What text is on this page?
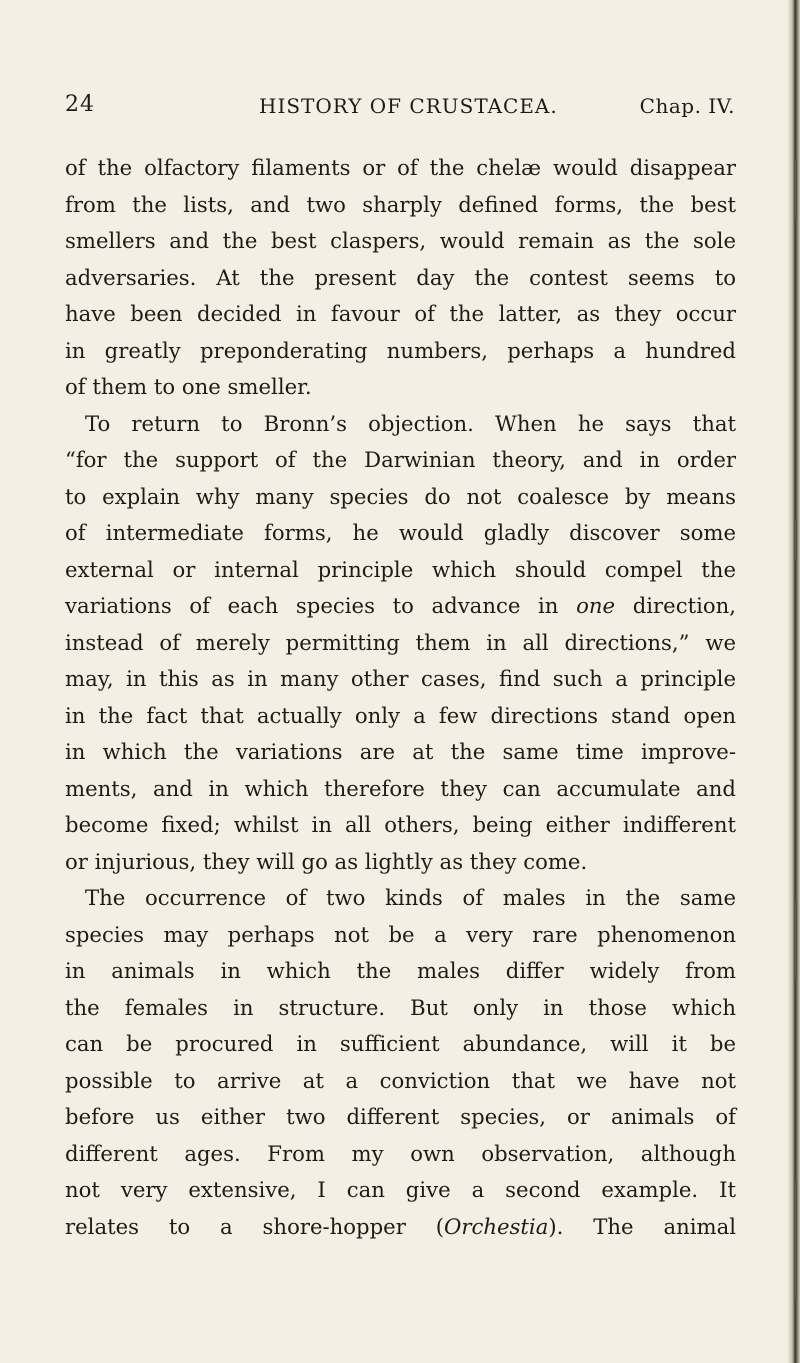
24	HISTORY OF CRUSTACEA.	Chap. IV.
of the olfactory filaments or of the chelæ would disappear
from the lists, and two sharply defined forms, the best
smellers and the best claspers, would remain as the sole
adversaries. At the present day the contest seems to
have been decided in favour of the latter, as they occur
in greatly preponderating numbers, perhaps a hundred
of them to one smeller.
To return to Bronn’s objection. When he says that
“for the support of the Darwinian theory, and in order
to explain why many species do not coalesce by means
of intermediate forms, he would gladly discover some
external or internal principle which should compel the
variations of each species to advance in one direction,
instead of merely permitting them in all directions,” we
may, in this as in many other cases, find such a principle
in the fact that actually only a few directions stand open
in which the variations are at the same time improve-
ments, and in which therefore they can accumulate and
become fixed; whilst in all others, being either indifferent
or injurious, they will go as lightly as they come.
The occurrence of two kinds of males in the same
species may perhaps not be a very rare phenomenon
in animals in which the males differ widely from
the females in structure. But only in those which
can be procured in sufficient abundance, will it be
possible to arrive at a conviction that we have not
before us either two different species, or animals of
different ages. From my own observation, although
not very extensive, I can give a second example. It
relates to a shore-hopper (Orchestia). The animal
